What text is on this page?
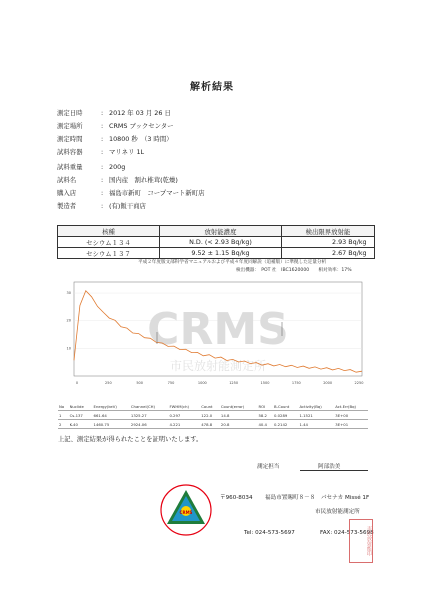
解析結果
測定日時	: 2012 年 03 月 26 日
測定場所	: CRMS ブックセンター
測定時間	: 10800 秒　（3 時間）
試料容器	: マリネリ 1L
試料重量	: 200g
試料名	: 国内産　割れ椎茸(乾燥)
購入店	: 福島市新町　コープマート新町店
製造者	: (有)飯干商店
核種	放射能濃度	検出限界放射能
セシウム１３４	N.D. (< 2.93 Bq/kg)	2.93 Bq/kg
セシウム１３７	9.52 ± 1.15 Bq/kg	2.67 Bq/kg
平成２年度版文部科学省マニュアルおよび平成４年度同解説（追補版）に準拠した定量分析
検出機器：　POT 社　IBC1620000　　相対効率：17%
CRMS
市民放射能測定所
10
20
30
0	250	500	750	1000	1250	1500	1750	2000	2250
No	Nuclide	Energy(keV)	Channel(CH)	FWHM(ch)	Count	Count(error)	ROI	B-Count	Activity(Bq)	Act.Err(Bq)
1	Cs-137	661.64	1325.27	0.297	122.0	14.8	58.2	0.0289	1.1521	3E+00
2	K-40	1460.75	2924.06	4.221	478.8	20.8	40.4	0.2142	1.44	3E+01
上記、測定結果が得られたことを証明いたします。
測定担当	阿部浩美
CRMS
〒960-8034 福島市置賜町８－８　パセナカ Missé 1F
市民放射能測定所
Tel: 024-573-5697	FAX: 024-573-5698
市民放射能印
